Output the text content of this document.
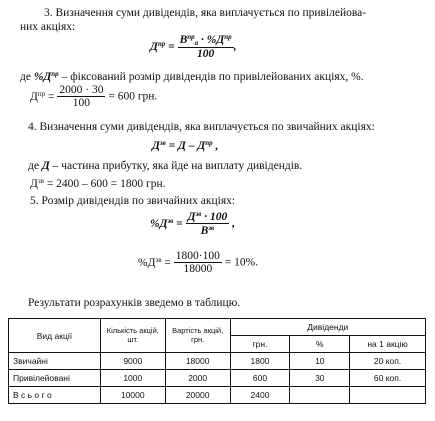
3. Визначення суми дивідендів, яка виплачується по привілейова-
них акціях:
$Д^{пр} = \frac{В^{пр}_а \cdot \%Д^{пр}}{100}$ ,
де $\%Д^{пр}$ – фіксований розмір дивідендів по привілейованих акціях, %.
$Д^{пр} = \frac{2000 \cdot 30}{100} = 600$ грн.
4. Визначення суми дивідендів, яка виплачується по звичайних акціях:
$Д^{зв} = Д - Д^{пр}$ ,
де Д – частина прибутку, яка йде на виплату дивідендів.
$Д^{зв} = 2400 - 600 = 1800$ грн.
5. Розмір дивідендів по звичайних акціях:
$\%Д^{зв} = \frac{Д^{зв} \cdot 100}{В^{зв}}$ ,
$\%Д^{зв} = \frac{1800\cdot 100}{18000} = 10\%$.
Результати розрахунків зведемо в таблицю.
Вид акції	Кількість акцій, шт.	Вартість акцій, грн.	Дивіденди		
			грн.	%	на 1 акцію
Звичайні	9000	18000	1800	10	20 коп.
Привілейовані	1000	2000	600	30	60 коп.
В с ь о г о	10000	20000	2400		
